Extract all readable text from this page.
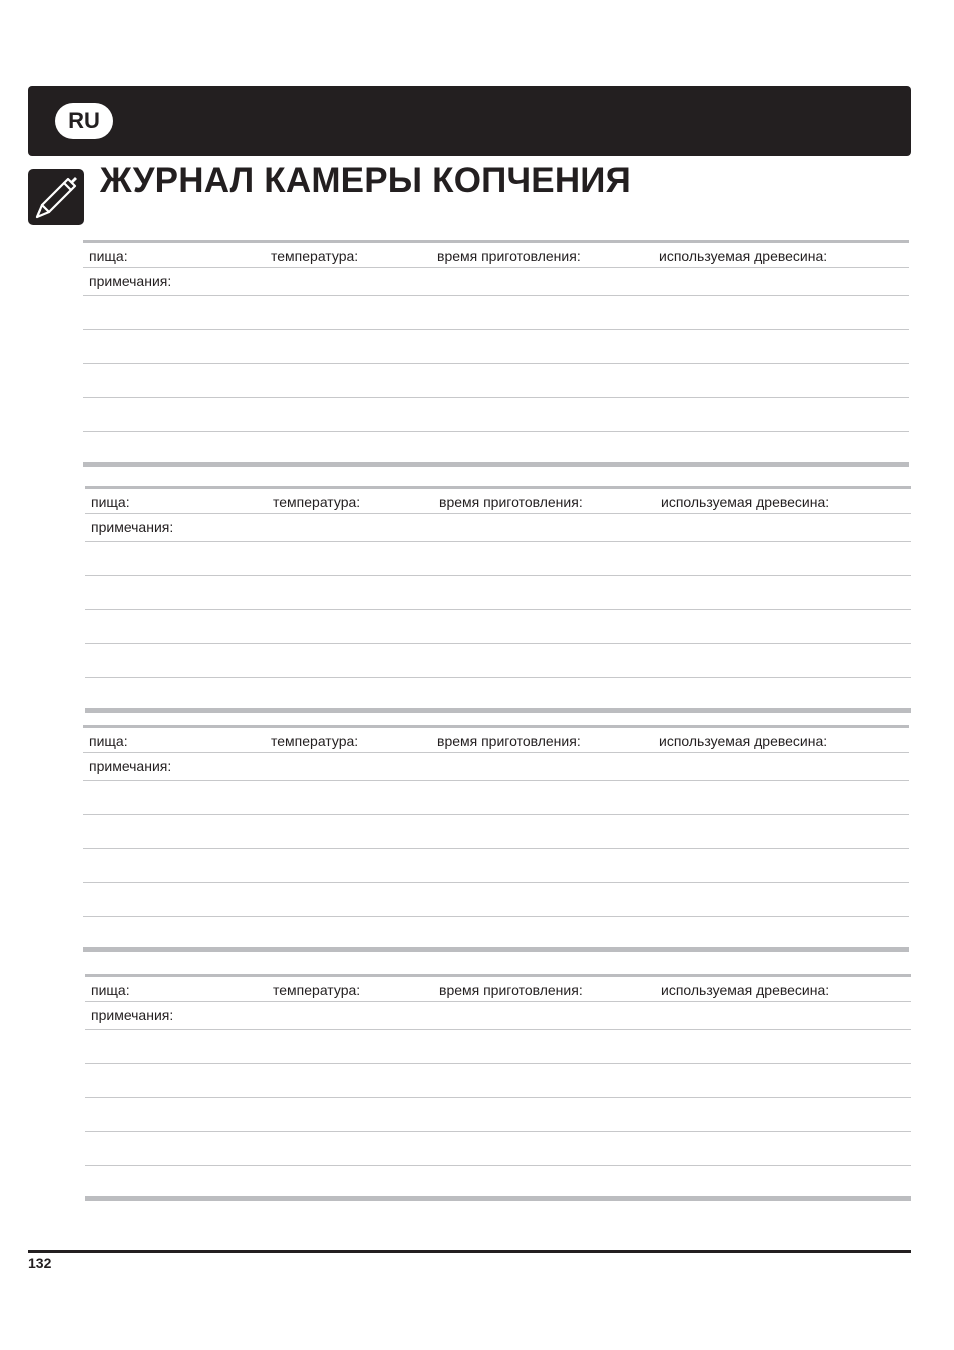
RU
ЖУРНАЛ КАМЕРЫ КОПЧЕНИЯ
пища:	температура:	время приготовления:	используемая древесина:
примечания:
пища:	температура:	время приготовления:	используемая древесина:
примечания:
пища:	температура:	время приготовления:	используемая древесина:
примечания:
пища:	температура:	время приготовления:	используемая древесина:
примечания:
132
